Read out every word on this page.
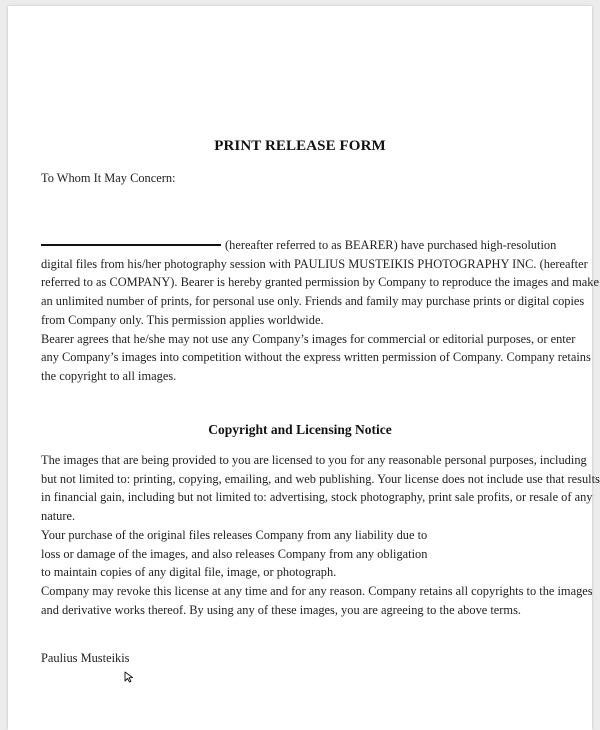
PRINT RELEASE FORM
To Whom It May Concern:
(hereafter referred to as BEARER) have purchased high-resolution
digital files from his/her photography session with PAULIUS MUSTEIKIS PHOTOGRAPHY INC. (hereafter
referred to as COMPANY). Bearer is hereby granted permission by Company to reproduce the images and make
an unlimited number of prints, for personal use only. Friends and family may purchase prints or digital copies
from Company only. This permission applies worldwide.
Bearer agrees that he/she may not use any Company’s images for commercial or editorial purposes, or enter
any Company’s images into competition without the express written permission of Company. Company retains
the copyright to all images.
Copyright and Licensing Notice
The images that are being provided to you are licensed to you for any reasonable personal purposes, including
but not limited to: printing, copying, emailing, and web publishing. Your license does not include use that results
in financial gain, including but not limited to: advertising, stock photography, print sale profits, or resale of any
nature.
Your purchase of the original files releases Company from any liability due to
loss or damage of the images, and also releases Company from any obligation
to maintain copies of any digital file, image, or photograph.
Company may revoke this license at any time and for any reason. Company retains all copyrights to the images
and derivative works thereof. By using any of these images, you are agreeing to the above terms.
Paulius Musteikis
